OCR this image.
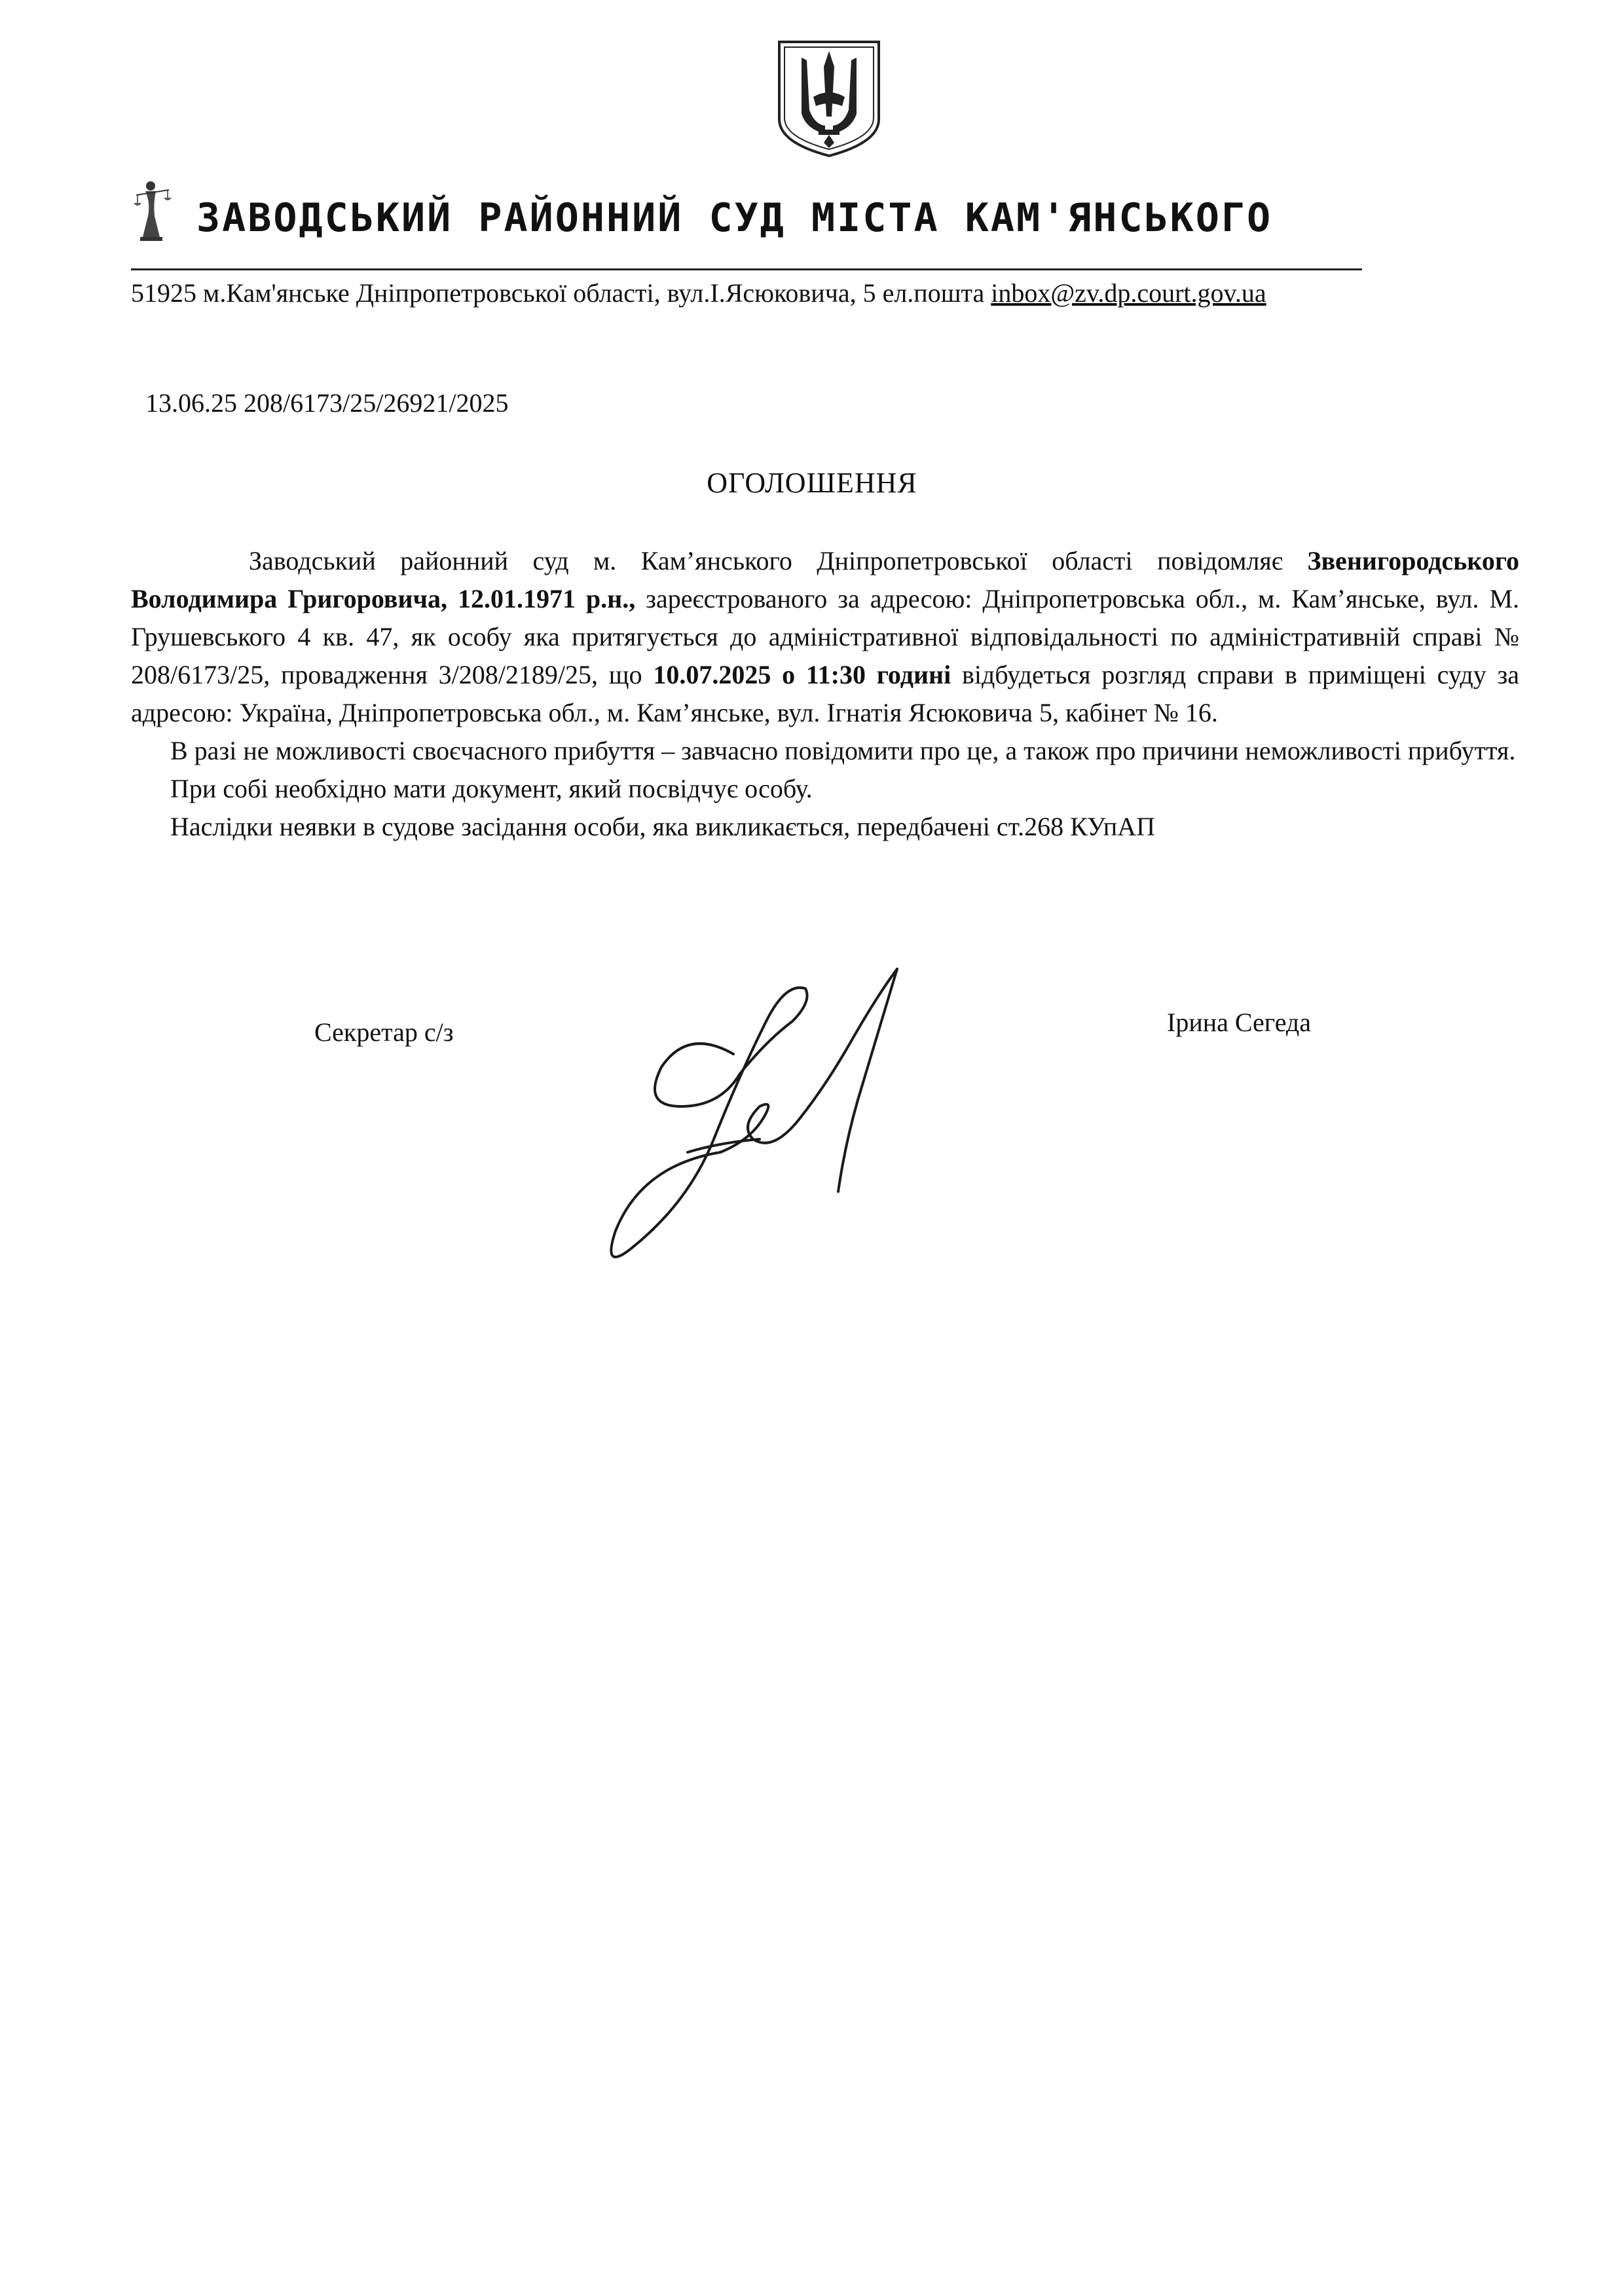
ЗАВОДСЬКИЙ РАЙОННИЙ СУД МІСТА КАМ'ЯНСЬКОГО
51925 м.Кам'янське Дніпропетровської області, вул.І.Ясюковича, 5 ел.пошта inbox@zv.dp.court.gov.ua
13.06.25 208/6173/25/26921/2025
ОГОЛОШЕННЯ

Заводський районний суд м. Кам’янського Дніпропетровської області повідомляє Звенигородського Володимира Григоровича, 12.01.1971 р.н., зареєстрованого за адресою: Дніпропетровська обл., м. Кам’янське, вул. М. Грушевського 4 кв. 47, як особу яка притягується до адміністративної відповідальності по адміністративній справі № 208/6173/25, провадження 3/208/2189/25, що 10.07.2025 о 11:30 годині відбудеться розгляд справи в приміщені суду за адресою: Україна, Дніпропетровська обл., м. Кам’янське, вул. Ігнатія Ясюковича 5, кабінет № 16.

В разі не можливості своєчасного прибуття – завчасно повідомити про це, а також про причини неможливості прибуття.

При собі необхідно мати документ, який посвідчує особу.

Наслідки неявки в судове засідання особи, яка викликається, передбачені ст.268 КУпАП

Секретар с/з	Ірина Сегеда
